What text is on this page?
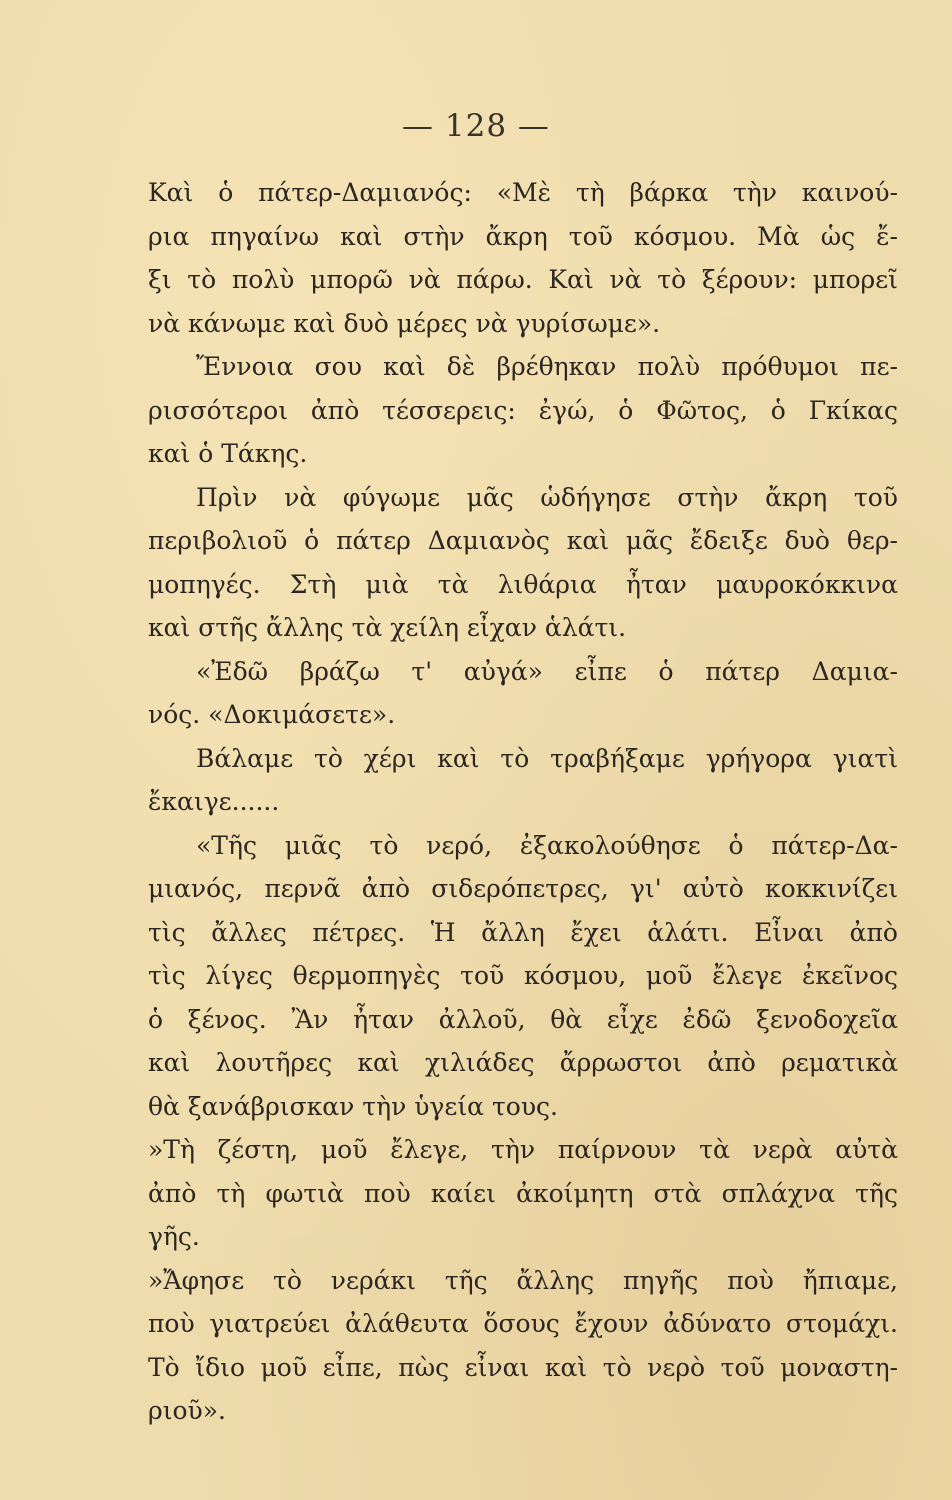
— 128 —
Καὶ ὁ πάτερ-Δαμιανός: «Μὲ τὴ βάρκα τὴν καινού-
ρια πηγαίνω καὶ στὴν ἄκρη τοῦ κόσμου. Μὰ ὡς ἔ-
ξι τὸ πολὺ μπορῶ νὰ πάρω. Καὶ νὰ τὸ ξέρουν: μπορεῖ
νὰ κάνωμε καὶ δυὸ μέρες νὰ γυρίσωμε».
Ἔννοια σου καὶ δὲ βρέθηκαν πολὺ πρόθυμοι πε-
ρισσότεροι ἀπὸ τέσσερεις: ἐγώ, ὁ Φῶτος, ὁ Γκίκας
καὶ ὁ Τάκης.
Πρὶν νὰ φύγωμε μᾶς ὡδήγησε στὴν ἄκρη τοῦ
περιβολιοῦ ὁ πάτερ Δαμιανὸς καὶ μᾶς ἔδειξε δυὸ θερ-
μοπηγές. Στὴ μιὰ τὰ λιθάρια ἦταν μαυροκόκκινα
καὶ στῆς ἄλλης τὰ χείλη εἶχαν ἁλάτι.
«Ἐδῶ βράζω τ' αὐγά» εἶπε ὁ πάτερ Δαμια-
νός. «Δοκιμάσετε».
Βάλαμε τὸ χέρι καὶ τὸ τραβήξαμε γρήγορα γιατὶ
ἔκαιγε......
«Τῆς μιᾶς τὸ νερό, ἐξακολούθησε ὁ πάτερ-Δα-
μιανός, περνᾶ ἀπὸ σιδερόπετρες, γι' αὐτὸ κοκκινίζει
τὶς ἄλλες πέτρες. Ἡ ἄλλη ἔχει ἁλάτι. Εἶναι ἀπὸ
τὶς λίγες θερμοπηγὲς τοῦ κόσμου, μοῦ ἔλεγε ἐκεῖνος
ὁ ξένος. Ἂν ἦταν ἀλλοῦ, θὰ εἶχε ἐδῶ ξενοδοχεῖα
καὶ λουτῆρες καὶ χιλιάδες ἄρρωστοι ἀπὸ ρεματικὰ
θὰ ξανάβρισκαν τὴν ὑγεία τους.
»Τὴ ζέστη, μοῦ ἔλεγε, τὴν παίρνουν τὰ νερὰ αὐτὰ
ἀπὸ τὴ φωτιὰ ποὺ καίει ἀκοίμητη στὰ σπλάχνα τῆς
γῆς.
»Ἄφησε τὸ νεράκι τῆς ἄλλης πηγῆς ποὺ ἤπιαμε,
ποὺ γιατρεύει ἀλάθευτα ὅσους ἔχουν ἀδύνατο στομάχι.
Τὸ ἴδιο μοῦ εἶπε, πὼς εἶναι καὶ τὸ νερὸ τοῦ μοναστη-
ριοῦ».
